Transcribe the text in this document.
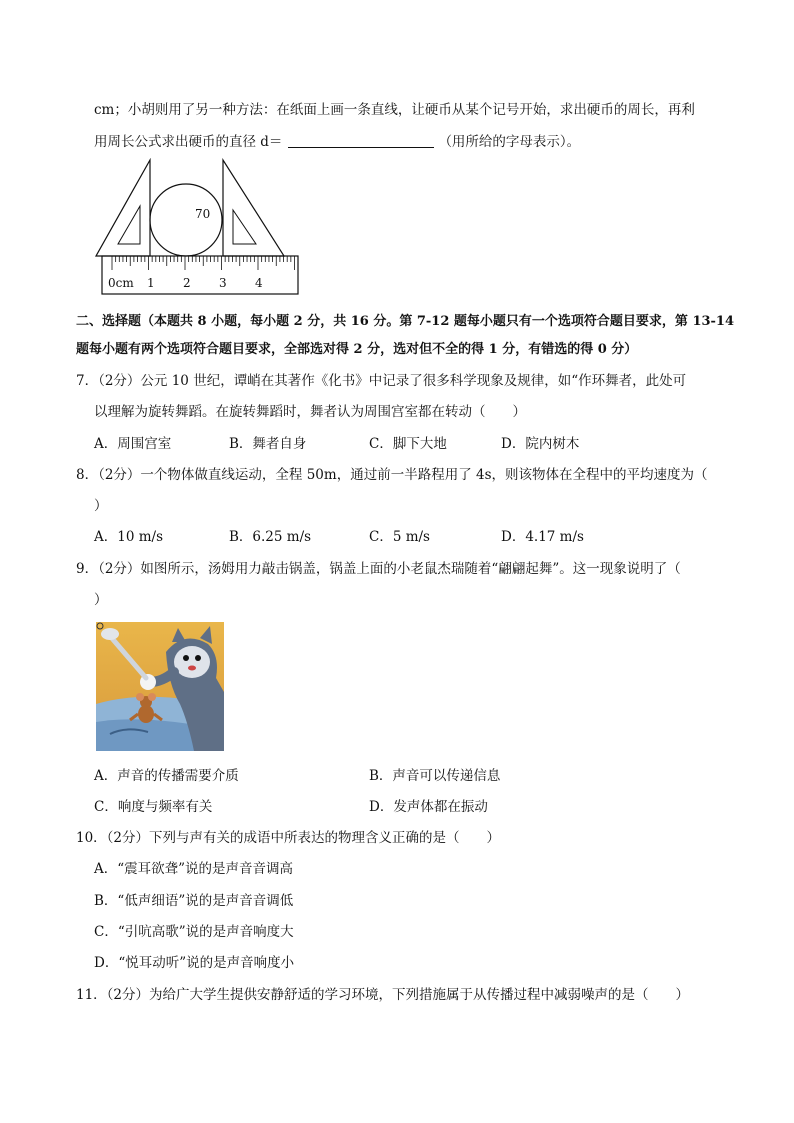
cm；小胡则用了另一种方法：在纸面上画一条直线，让硬币从某个记号开始，求出硬币的周长，再利
用周长公式求出硬币的直径 d＝	（用所给的字母表示）。
70
0cm 1 2 3 4
二、选择题（本题共 8 小题，每小题 2 分，共 16 分。第 7-12 题每小题只有一个选项符合题目要求，第 13-14
题每小题有两个选项符合题目要求，全部选对得 2 分，选对但不全的得 1 分，有错选的得 0 分）
7．（2分）公元 10 世纪，谭峭在其著作《化书》中记录了很多科学现象及规律，如“作环舞者，此处可
以理解为旋转舞蹈。在旋转舞蹈时，舞者认为周围宫室都在转动（　　）
A．周围宫室	B．舞者自身	C．脚下大地	D．院内树木
8．（2分）一个物体做直线运动，全程 50m，通过前一半路程用了 4s，则该物体在全程中的平均速度为（
）
A．10 m/s	B．6.25 m/s	C．5 m/s	D．4.17 m/s
9．（2分）如图所示，汤姆用力敲击锅盖，锅盖上面的小老鼠杰瑞随着“翩翩起舞”。这一现象说明了（
）
A．声音的传播需要介质	B．声音可以传递信息
C．响度与频率有关	D．发声体都在振动
10．（2分）下列与声有关的成语中所表达的物理含义正确的是（　　）
A．“震耳欲聋”说的是声音音调高
B．“低声细语”说的是声音音调低
C．“引吭高歌”说的是声音响度大
D．“悦耳动听”说的是声音响度小
11．（2分）为给广大学生提供安静舒适的学习环境，下列措施属于从传播过程中减弱噪声的是（　　）
